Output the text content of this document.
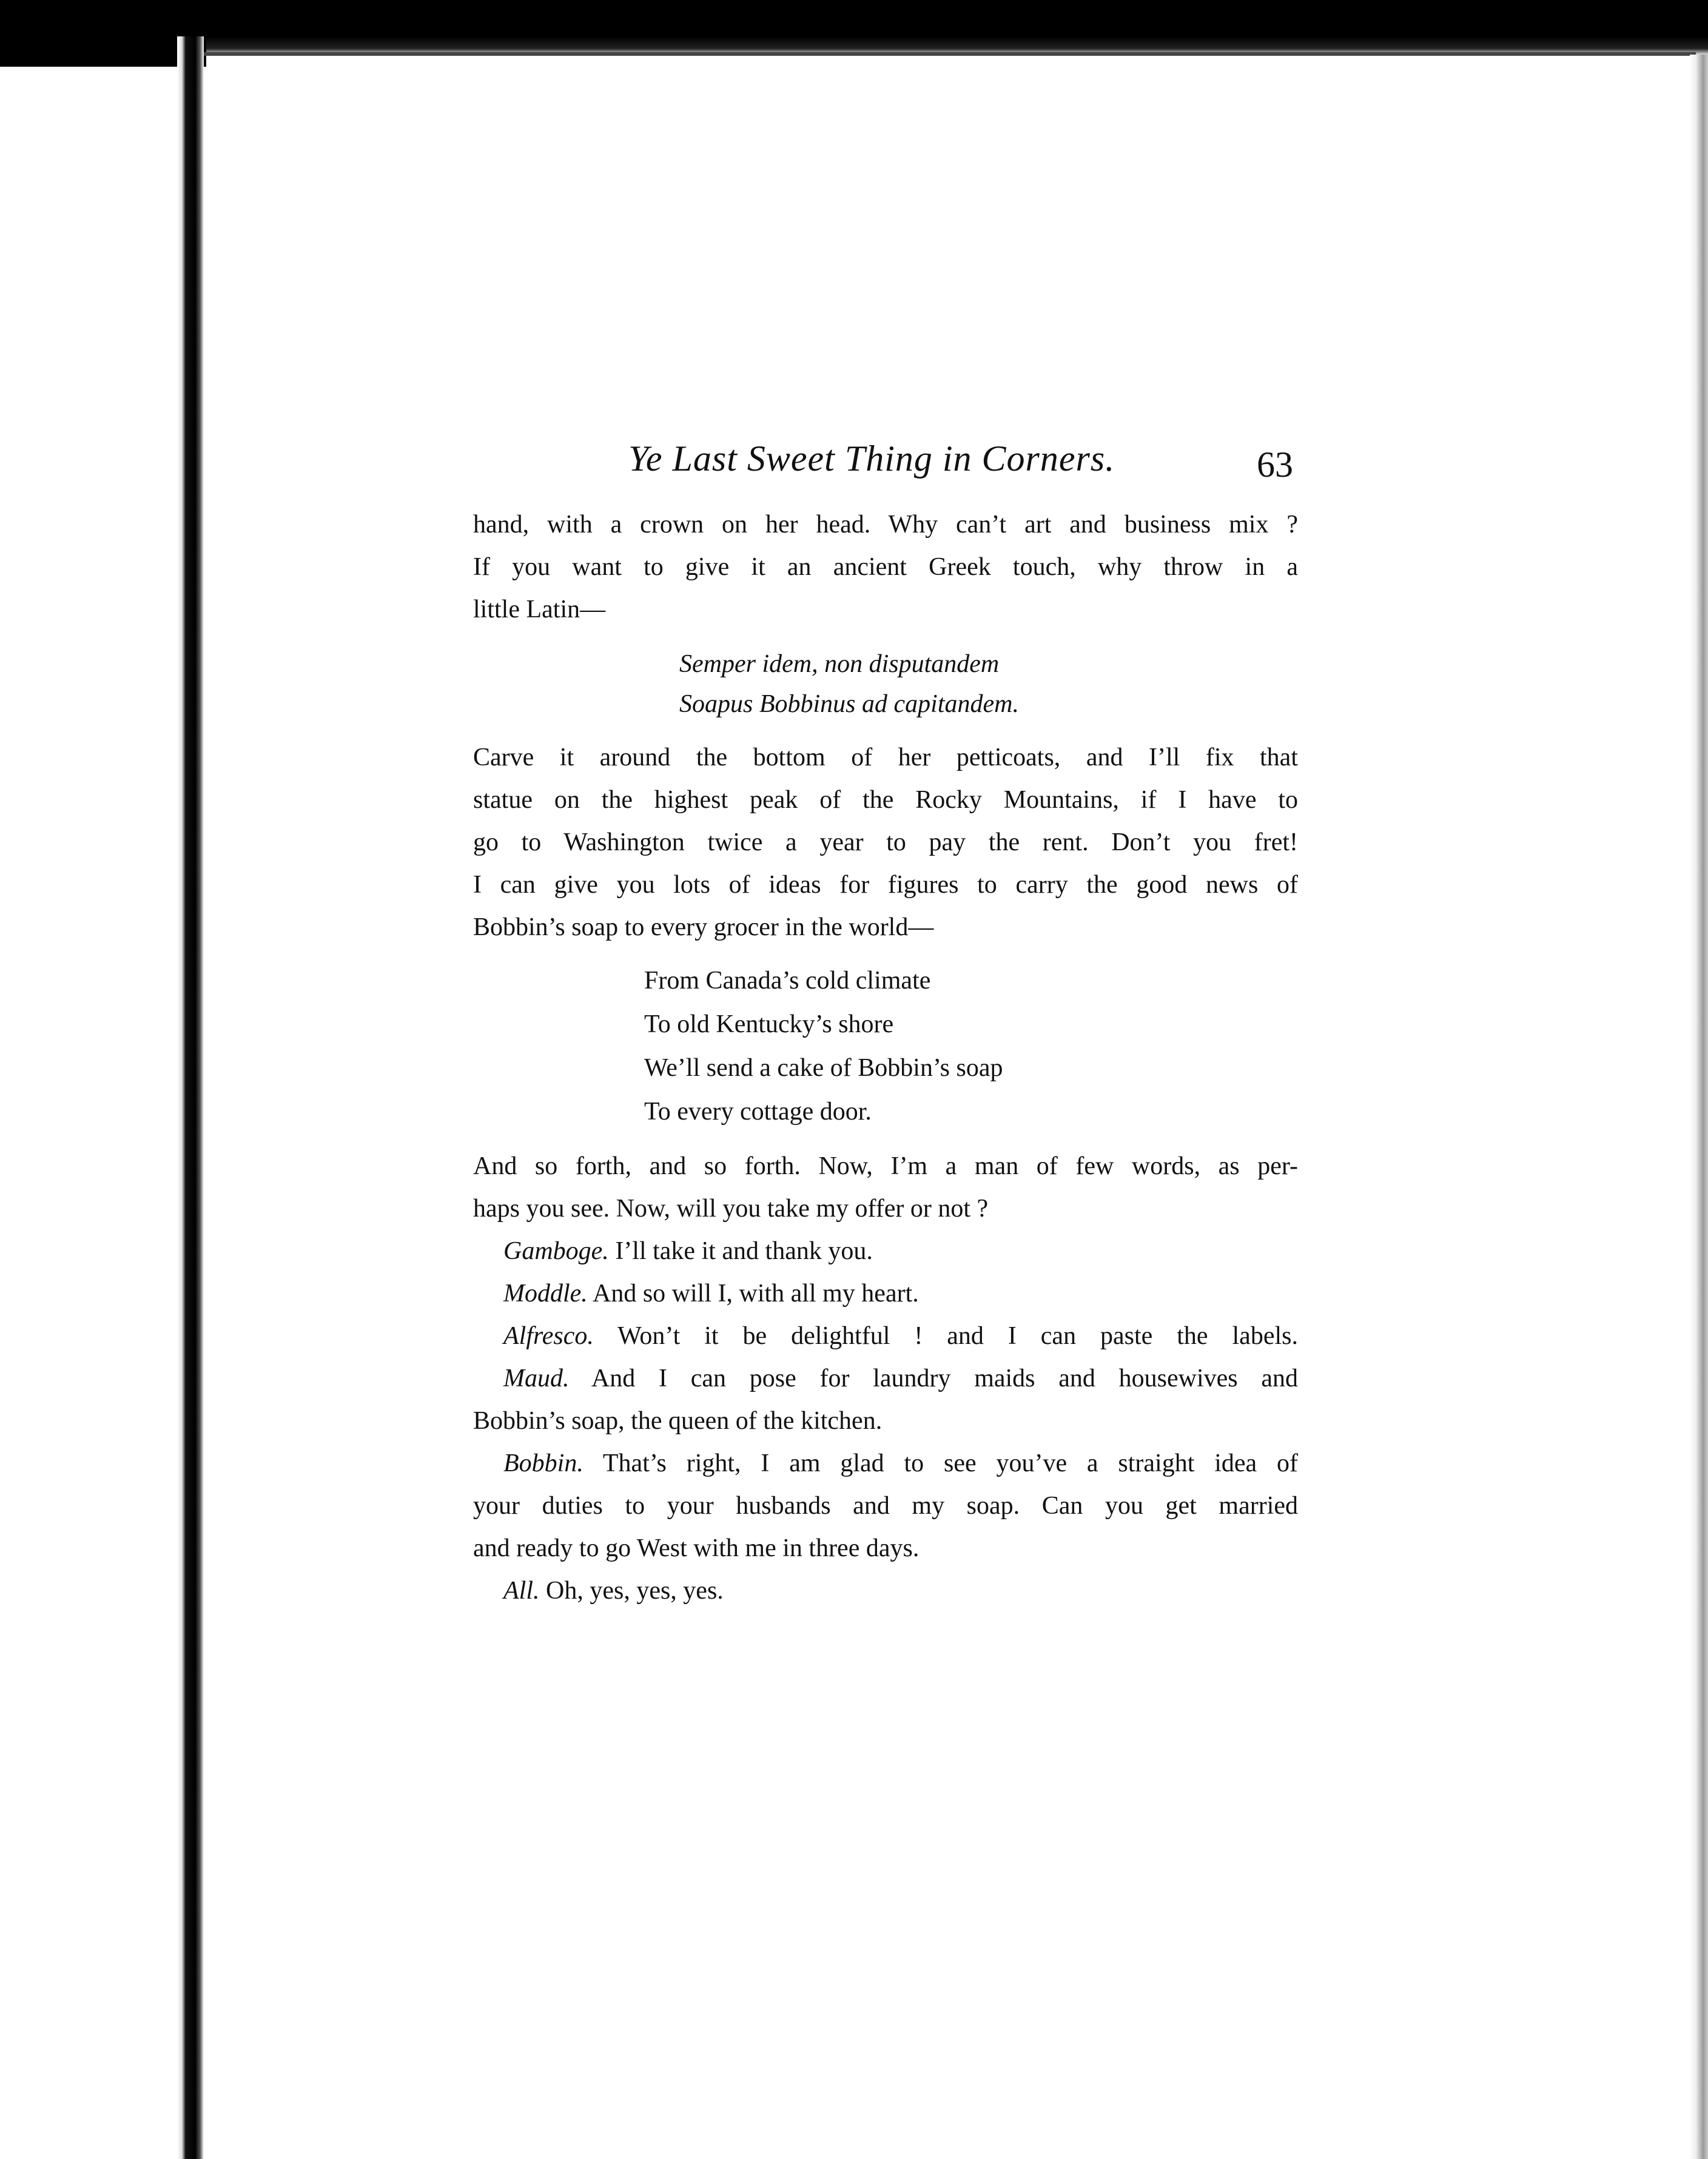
Ye Last Sweet Thing in Corners.	63
hand, with a crown on her head. Why can’t art and business mix ?
If you want to give it an ancient Greek touch, why throw in a
little Latin—
Semper idem, non disputandem
Soapus Bobbinus ad capitandem.
Carve it around the bottom of her petticoats, and I’ll fix that
statue on the highest peak of the Rocky Mountains, if I have to
go to Washington twice a year to pay the rent. Don’t you fret!
I can give you lots of ideas for figures to carry the good news of
Bobbin’s soap to every grocer in the world—
From Canada’s cold climate
To old Kentucky’s shore
We’ll send a cake of Bobbin’s soap
To every cottage door.
And so forth, and so forth. Now, I’m a man of few words, as per-
haps you see. Now, will you take my offer or not ?
Gamboge. I’ll take it and thank you.
Moddle. And so will I, with all my heart.
Alfresco. Won’t it be delightful ! and I can paste the labels.
Maud. And I can pose for laundry maids and housewives and
Bobbin’s soap, the queen of the kitchen.
Bobbin. That’s right, I am glad to see you’ve a straight idea of
your duties to your husbands and my soap. Can you get married
and ready to go West with me in three days.
All. Oh, yes, yes, yes.
